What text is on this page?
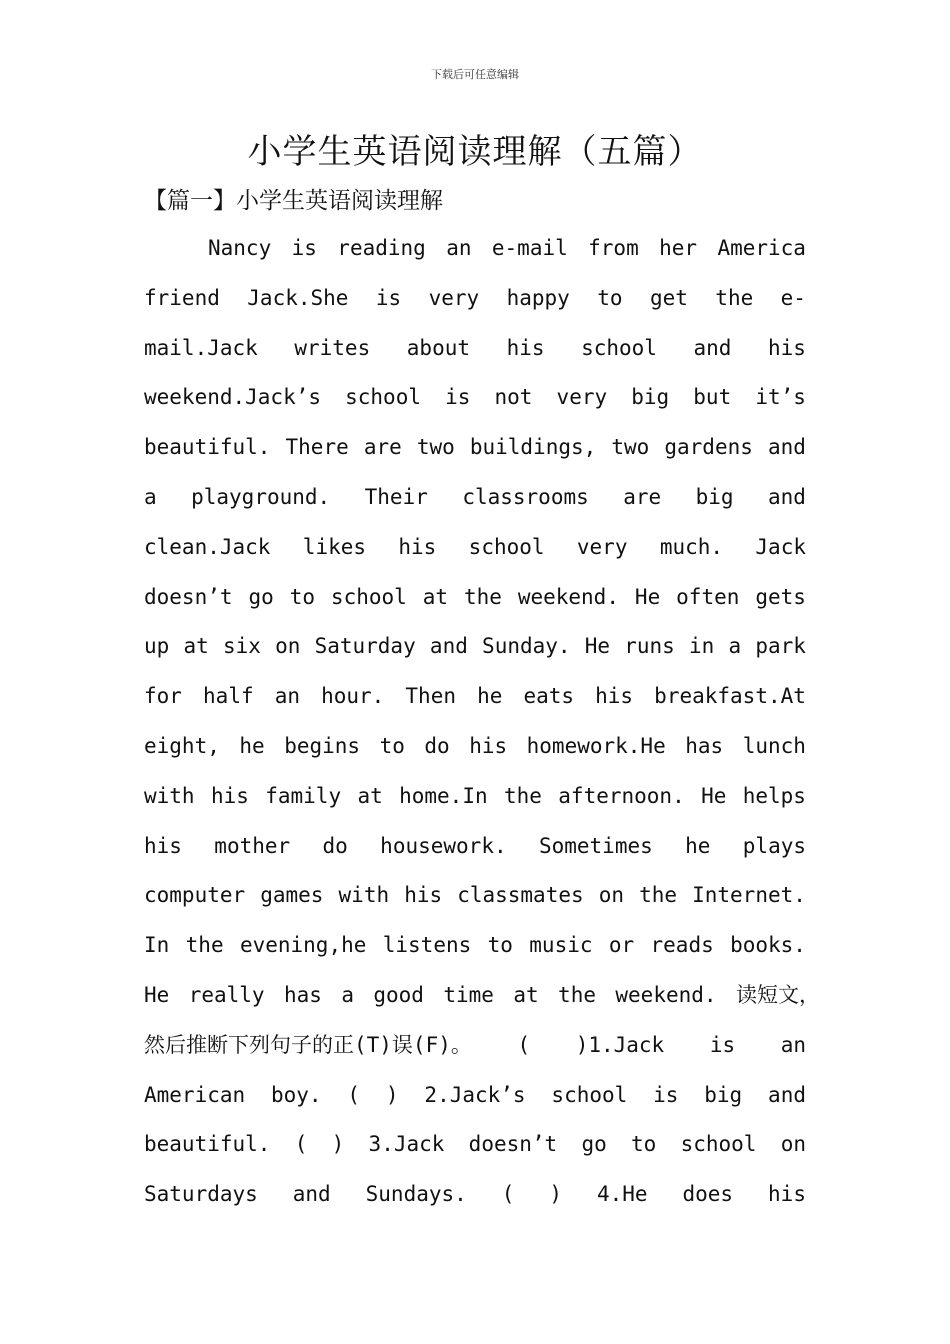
下载后可任意编辑
小学生英语阅读理解（五篇）
【篇一】小学生英语阅读理解
Nancy is reading an e-mail from her America
friend Jack.She is very happy to get the e-
mail.Jack writes about his school and his
weekend.Jack’s school is not very big but it’s
beautiful. There are two buildings, two gardens and
a playground. Their classrooms are big and
clean.Jack likes his school very much. Jack
doesn’t go to school at the weekend. He often gets
up at six on Saturday and Sunday. He runs in a park
for half an hour. Then he eats his breakfast.At
eight, he begins to do his homework.He has lunch
with his family at home.In the afternoon. He helps
his mother do housework. Sometimes he plays
computer games with his classmates on the Internet.
In the evening,he listens to music or reads books.
He really has a good time at the weekend. 读短文，
然后推断下列句子的正(T)误(F)。 ( )1.Jack is an
American boy. ( ) 2.Jack’s school is big and
beautiful. ( ) 3.Jack doesn’t go to school on
Saturdays and Sundays. ( ) 4.He does his
